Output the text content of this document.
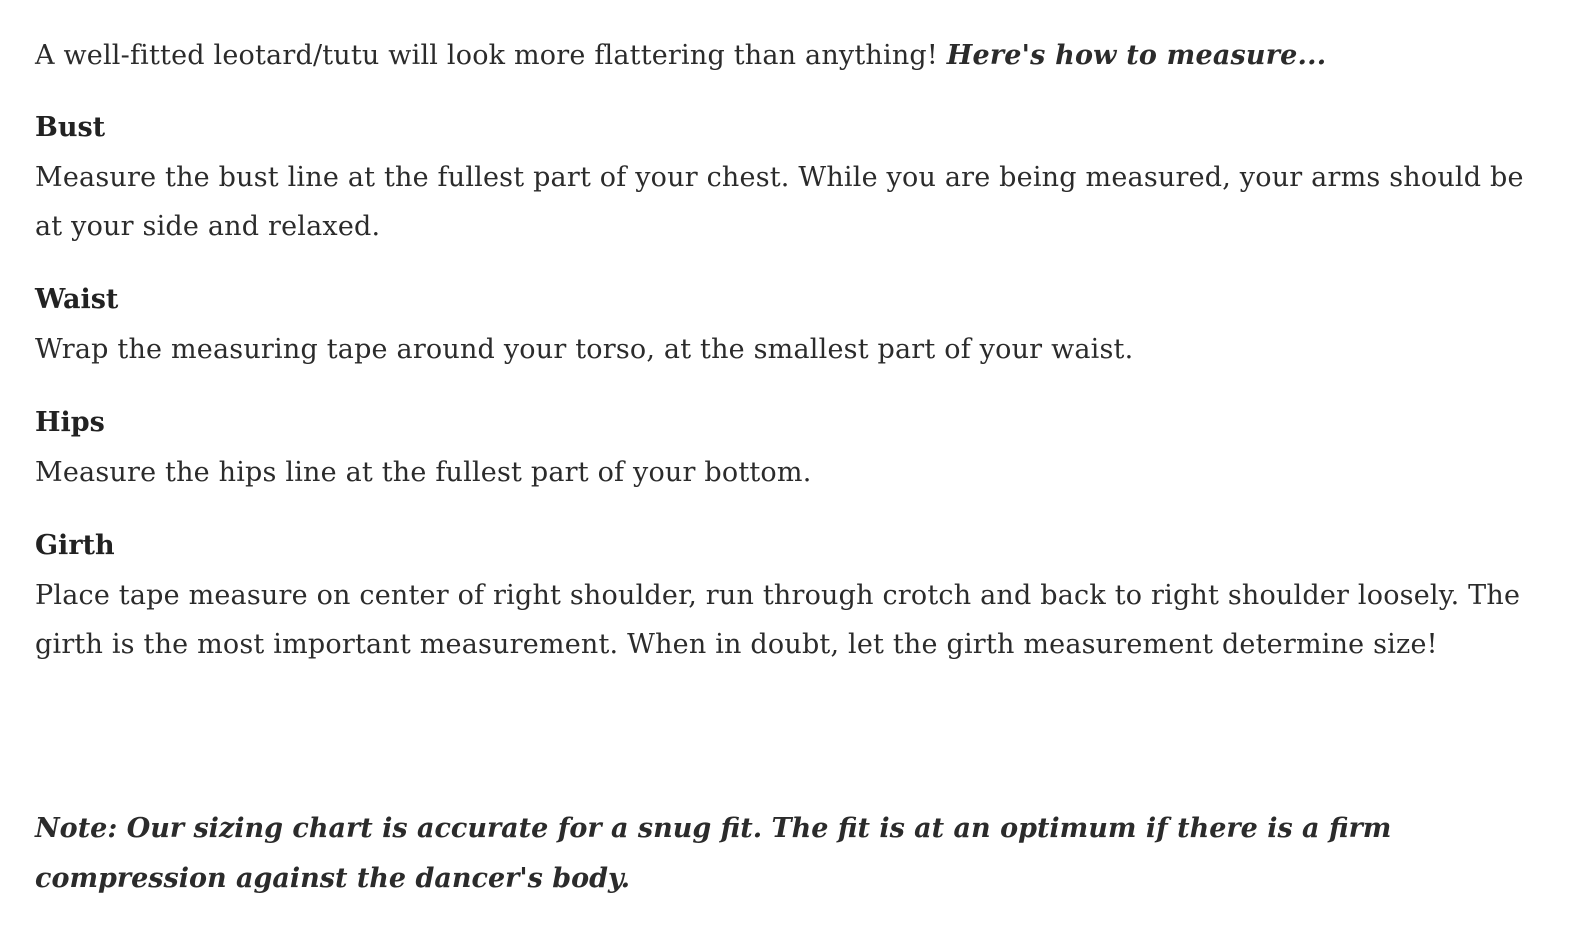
A well-fitted leotard/tutu will look more flattering than anything! Here's how to measure...

Bust

Measure the bust line at the fullest part of your chest. While you are being measured, your arms should be at your side and relaxed.

Waist

Wrap the measuring tape around your torso, at the smallest part of your waist.

Hips

Measure the hips line at the fullest part of your bottom.

Girth

Place tape measure on center of right shoulder, run through crotch and back to right shoulder loosely. The girth is the most important measurement. When in doubt, let the girth measurement determine size!

Note: Our sizing chart is accurate for a snug fit. The fit is at an optimum if there is a firm compression against the dancer's body.
